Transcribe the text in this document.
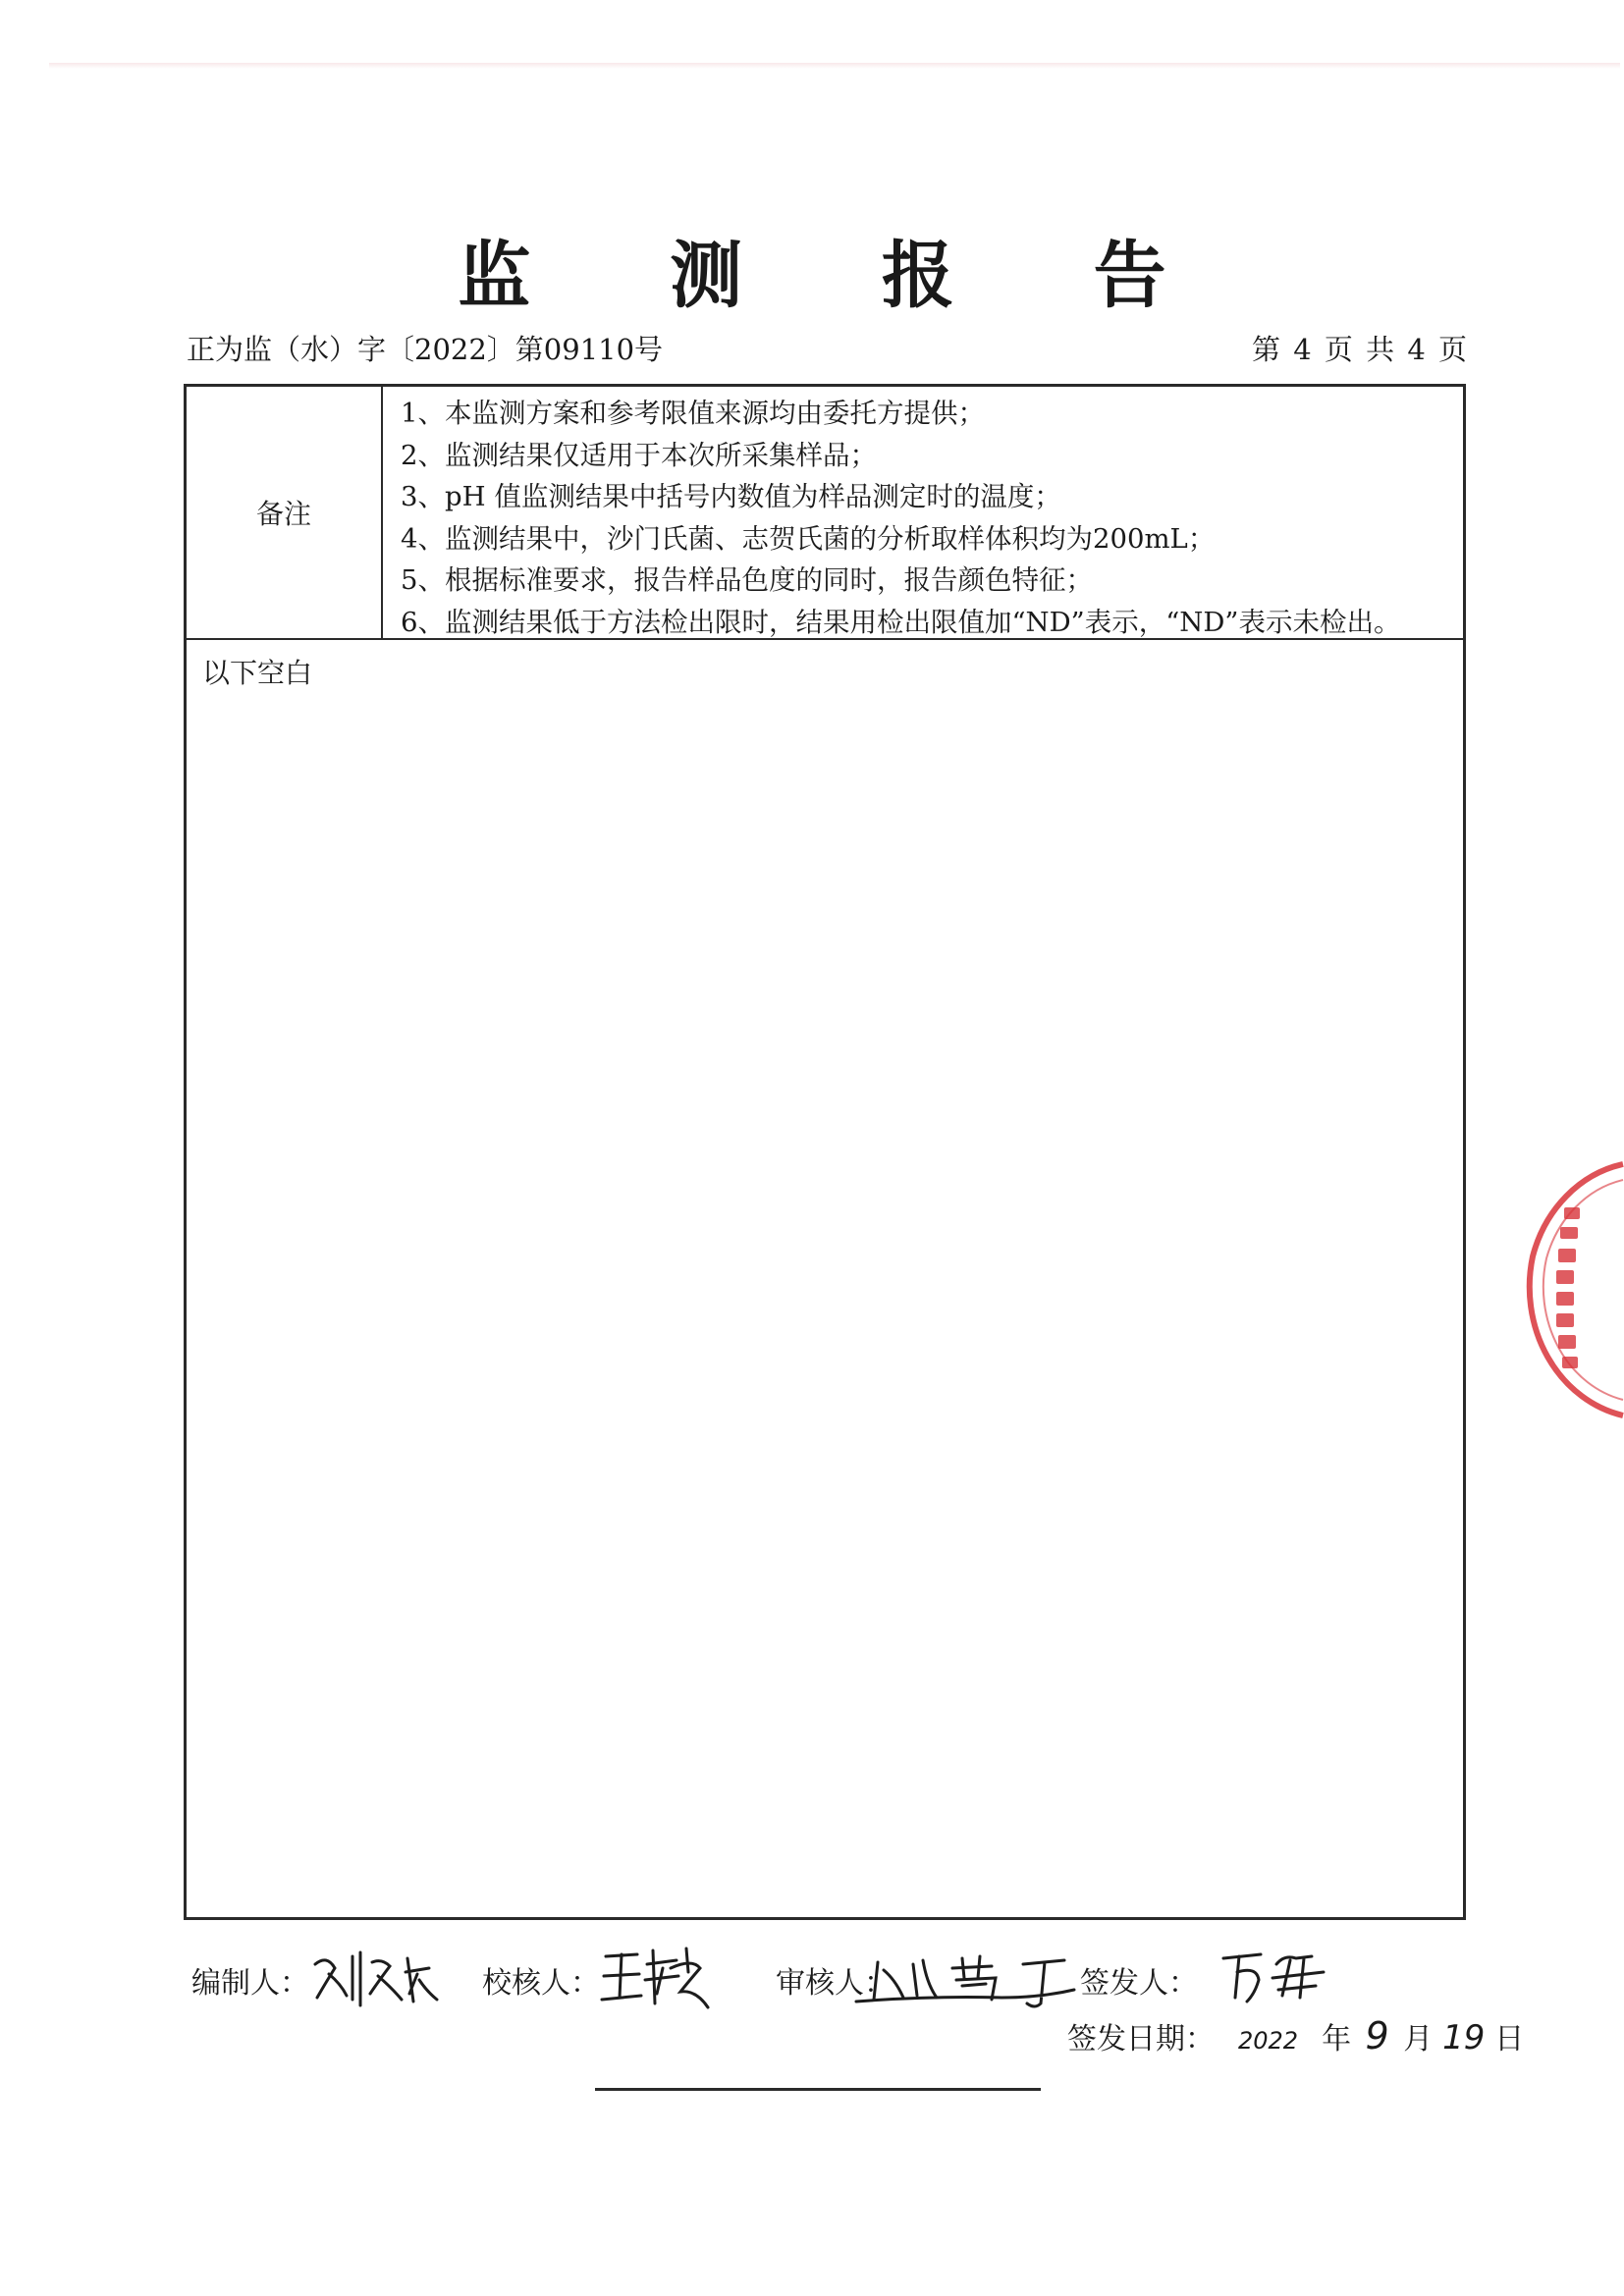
监 测 报 告
正为监（水）字〔2022〕第09110号	第 4 页 共 4 页
备注
1、本监测方案和参考限值来源均由委托方提供；
2、监测结果仅适用于本次所采集样品；
3、pH 值监测结果中括号内数值为样品测定时的温度；
4、监测结果中，沙门氏菌、志贺氏菌的分析取样体积均为200mL；
5、根据标准要求，报告样品色度的同时，报告颜色特征；
6、监测结果低于方法检出限时，结果用检出限值加“ND”表示，“ND”表示未检出。
以下空白
编制人：	校核人：	审核人：	签发人：
签发日期： 2022 年 9 月 19 日
